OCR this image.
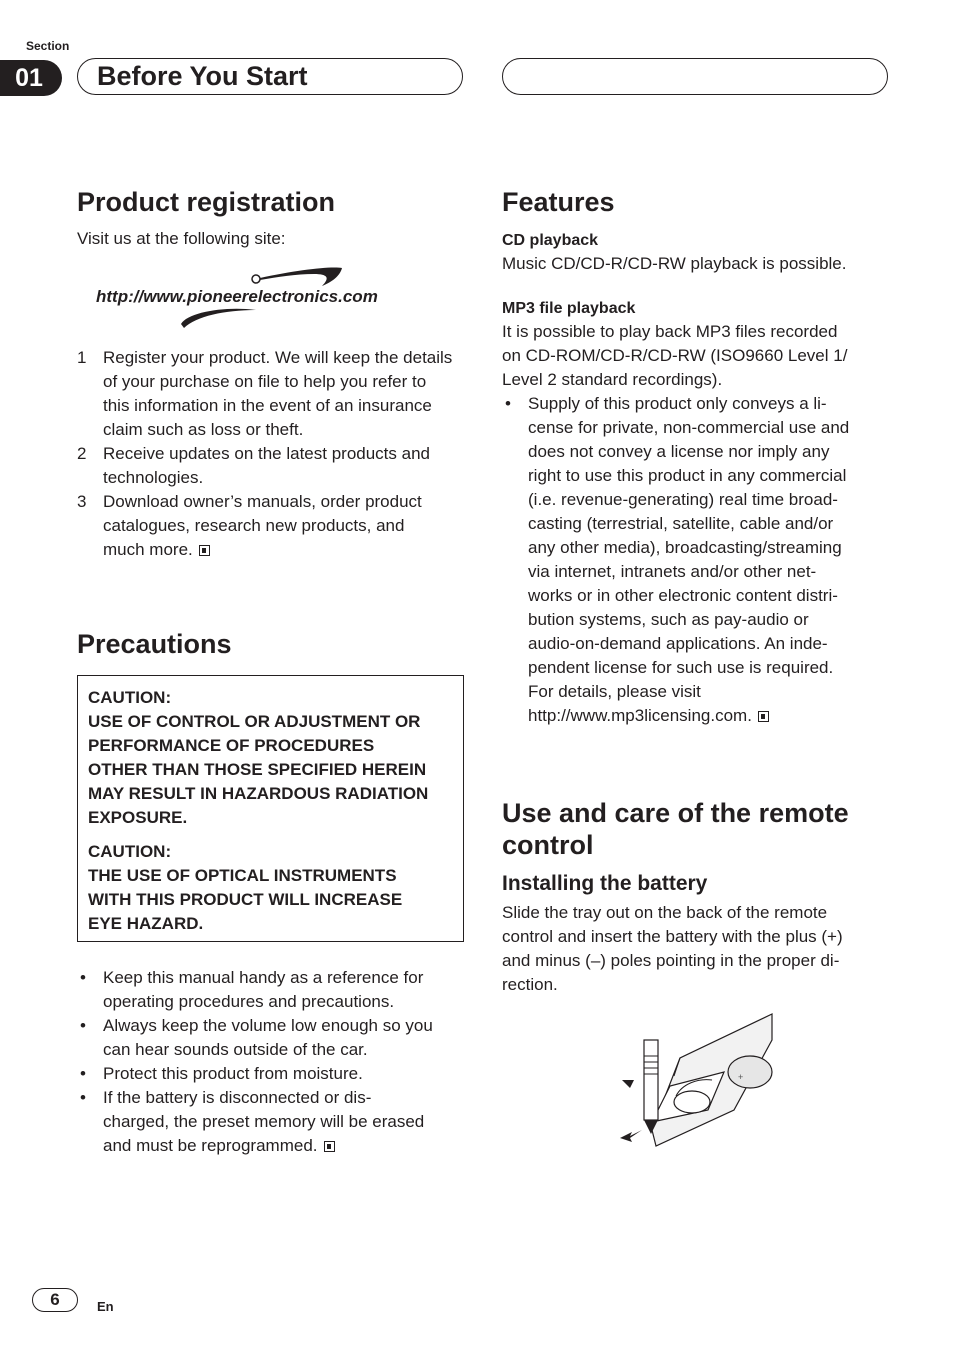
Section
01	Before You Start
Product registration
Visit us at the following site:
http://www.pioneerelectronics.com
1 Register your product. We will keep the details
of your purchase on file to help you refer to
this information in the event of an insurance
claim such as loss or theft.
2 Receive updates on the latest products and
technologies.
3 Download owner’s manuals, order product
catalogues, research new products, and
much more.
Precautions

CAUTION:

USE OF CONTROL OR ADJUSTMENT OR

PERFORMANCE OF PROCEDURES

OTHER THAN THOSE SPECIFIED HEREIN

MAY RESULT IN HAZARDOUS RADIATION

EXPOSURE.

CAUTION:

THE USE OF OPTICAL INSTRUMENTS

WITH THIS PRODUCT WILL INCREASE

EYE HAZARD.

• Keep this manual handy as a reference for
operating procedures and precautions.
• Always keep the volume low enough so you
can hear sounds outside of the car.
• Protect this product from moisture.
• If the battery is disconnected or dis-
charged, the preset memory will be erased
and must be reprogrammed.
Features
CD playback
Music CD/CD-R/CD-RW playback is possible.
MP3 file playback
It is possible to play back MP3 files recorded
on CD-ROM/CD-R/CD-RW (ISO9660 Level 1/
Level 2 standard recordings).
• Supply of this product only conveys a li-
cense for private, non-commercial use and
does not convey a license nor imply any
right to use this product in any commercial
(i.e. revenue-generating) real time broad-
casting (terrestrial, satellite, cable and/or
any other media), broadcasting/streaming
via internet, intranets and/or other net-
works or in other electronic content distri-
bution systems, such as pay-audio or
audio-on-demand applications. An inde-
pendent license for such use is required.
For details, please visit
http://www.mp3licensing.com.
Use and care of the remote
control
Installing the battery
Slide the tray out on the back of the remote
control and insert the battery with the plus (+)
and minus (–) poles pointing in the proper di-
rection.
+
6	En
